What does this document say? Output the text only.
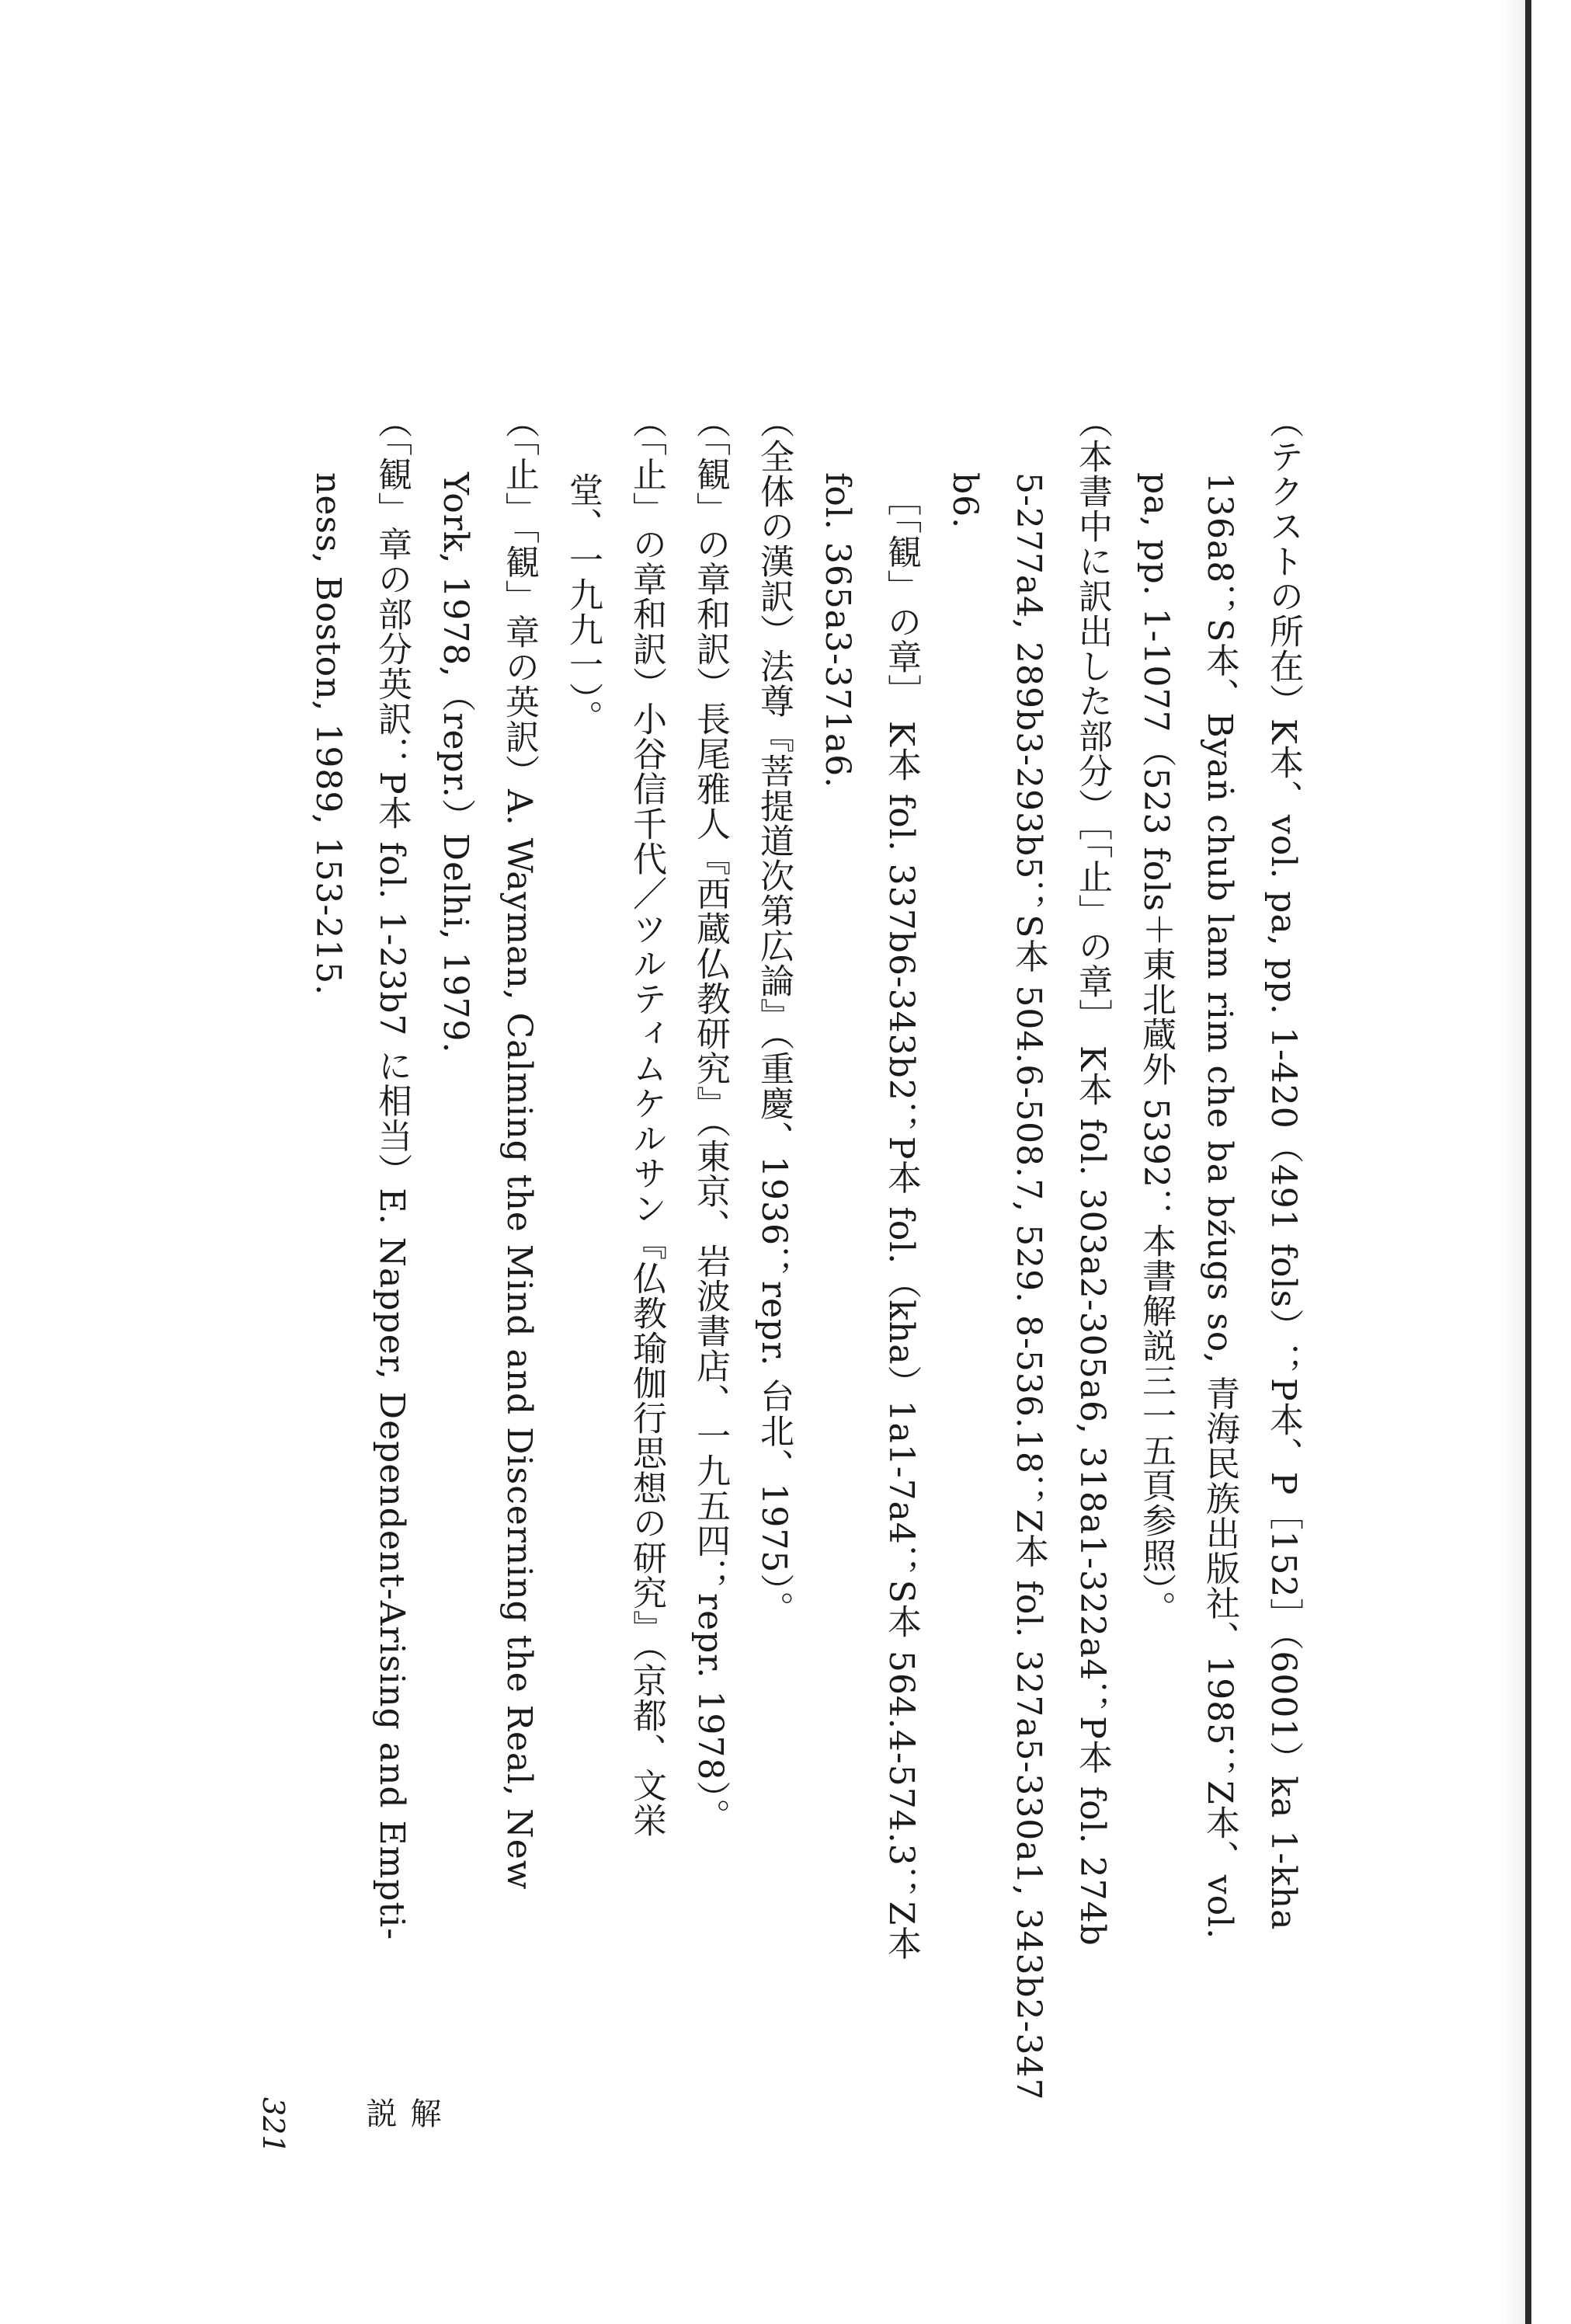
（テクストの所在）K本、vol. pa, pp. 1-420（491 fols）；P本、P［152］（6001）ka 1-kha
136a8；S本、Byaṅ chub lam rim che ba bźugs so, 青海民族出版社、1985；Z本、vol.
pa, pp. 1-1077（523 fols＋東北蔵外 5392：本書解説三一五頁参照）。
（本書中に訳出した部分）［「止」の章］ K本 fol. 303a2-305a6, 318a1-322a4；P本 fol. 274b
5-277a4, 289b3-293b5；S本 504.6-508.7, 529. 8-536.18；Z本 fol. 327a5-330a1, 343b2-347
b6.
［「観」の章］ K本 fol. 337b6-343b2；P本 fol.（kha）1a1-7a4；S本 564.4-574.3；Z本
fol. 365a3-371a6.
（全体の漢訳）法尊『菩提道次第広論』（重慶、1936；repr. 台北、1975）。
（「観」の章和訳）長尾雅人『西蔵仏教研究』（東京、岩波書店、一九五四；repr. 1978）。
（「止」の章和訳）小谷信千代／ツルティムケルサン『仏教瑜伽行思想の研究』（京都、文栄
堂、一九九一）。
（「止」「観」章の英訳）A. Wayman, Calming the Mind and Discerning the Real, New
York, 1978,（repr.）Delhi, 1979.
（「観」章の部分英訳：P本 fol. 1-23b7 に相当）E. Napper, Dependent-Arising and Empti-
ness, Boston, 1989, 153-215.
解　説
321
